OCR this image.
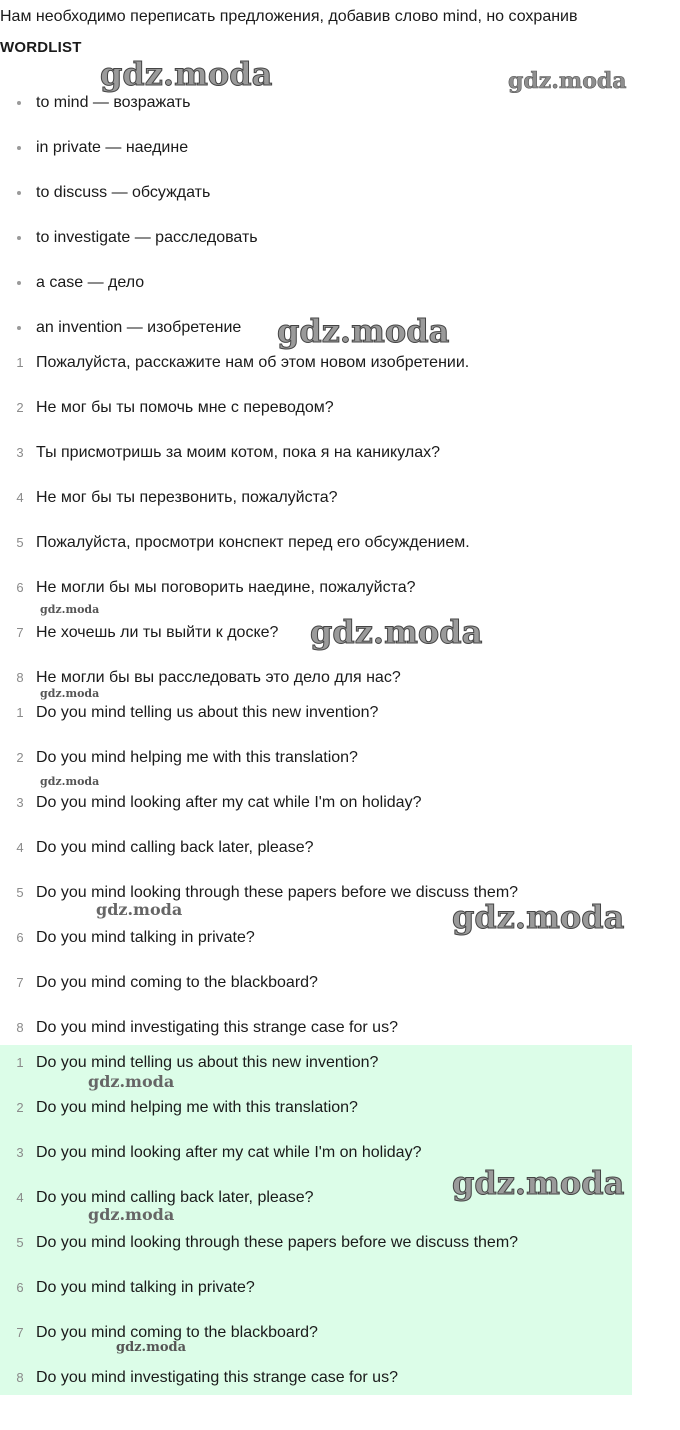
Нам необходимо переписать предложения, добавив слово mind, но сохранив
WORDLIST
to mind — возражать
in private — наедине
to discuss — обсуждать
to investigate — расследовать
a case — дело
an invention — изобретение
1 Пожалуйста, расскажите нам об этом новом изобретении.
2 Не мог бы ты помочь мне с переводом?
3 Ты присмотришь за моим котом, пока я на каникулах?
4 Не мог бы ты перезвонить, пожалуйста?
5 Пожалуйста, просмотри конспект перед его обсуждением.
6 Не могли бы мы поговорить наедине, пожалуйста?
7 Не хочешь ли ты выйти к доске?
8 Не могли бы вы расследовать это дело для нас?
1 Do you mind telling us about this new invention?
2 Do you mind helping me with this translation?
3 Do you mind looking after my cat while I'm on holiday?
4 Do you mind calling back later, please?
5 Do you mind looking through these papers before we discuss them?
6 Do you mind talking in private?
7 Do you mind coming to the blackboard?
8 Do you mind investigating this strange case for us?
1 Do you mind telling us about this new invention?
2 Do you mind helping me with this translation?
3 Do you mind looking after my cat while I'm on holiday?
4 Do you mind calling back later, please?
5 Do you mind looking through these papers before we discuss them?
6 Do you mind talking in private?
7 Do you mind coming to the blackboard?
8 Do you mind investigating this strange case for us?
gdz.moda	gdz.moda
gdz.moda
gdz.moda
gdz.moda
gdz.moda
gdz.moda
gdz.moda	gdz.moda
gdz.moda
gdz.moda
gdz.moda
gdz.moda
